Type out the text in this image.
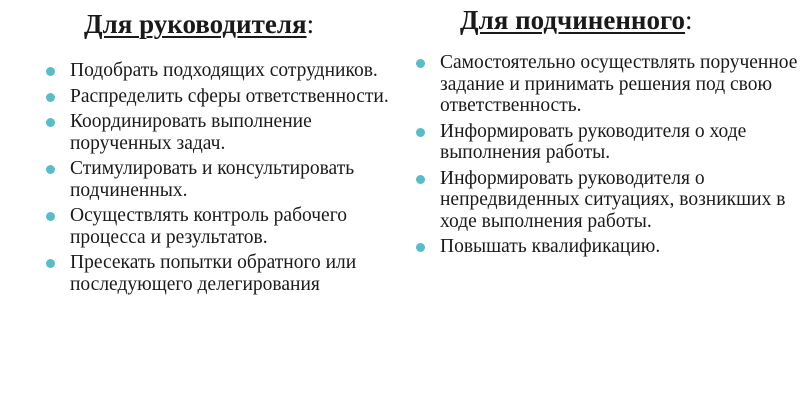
Для руководителя:
Подобрать подходящих сотрудников.
Распределить сферы ответственности.
Координировать выполнение порученных задач.
Стимулировать и консультировать подчиненных.
Осуществлять контроль рабочего процесса и результатов.
Пресекать попытки обратного или последующего делегирования
Для подчиненного:
Самостоятельно осуществлять порученное задание и принимать решения под свою ответственность.
Информировать руководителя о ходе выполнения работы.
Информировать руководителя о непредвиденных ситуациях, возникших в ходе выполнения работы.
Повышать квалификацию.
